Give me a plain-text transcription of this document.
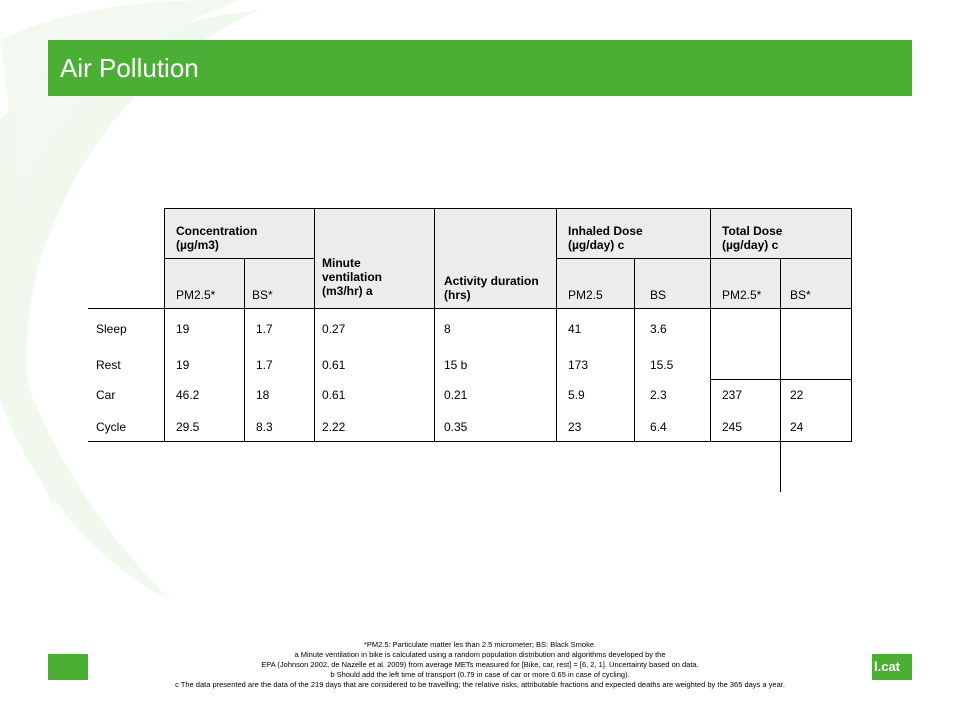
Air Pollution
l.cat
Concentration
(µg/m3)
Minute ventilation
(m3/hr) a
Activity duration (hrs)
Inhaled Dose
(µg/day) c
Total Dose
(µg/day) c
PM2.5*	BS*	PM2.5	BS	PM2.5* BS*
Sleep	19	1.7	0.27	8	41	3.6
Rest	19	1.7	0.61	15 b	173	15.5
Car	46.2	18	0.61	0.21	5.9	2.3	237	22
Cycle	29.5	8.3	2.22	0.35	23	6.4	245	24
*PM2.5: Particulate matter les than 2.5 micrometer; BS: Black Smoke.
a Minute ventilation in bike is calculated using a random population distribution and algorithms developed by the
EPA (Johnson 2002, de Nazelle et al. 2009) from average METs measured for [Bike, car, rest] = [6, 2, 1]. Uncertainty based on data.
b Should add the left time of transport (0.79 in case of car or more 0.65 in case of cycling).
c The data presented are the data of the 219 days that are considered to be travelling; the relative risks, attributable fractions and expected deaths are weighted by the 365 days a year.
